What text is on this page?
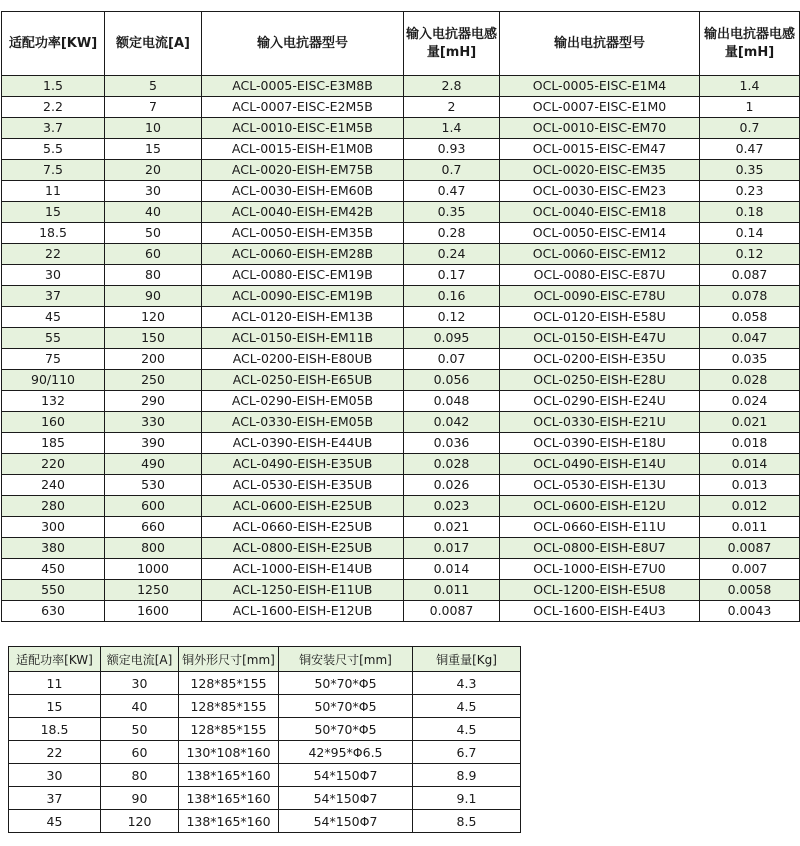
适配功率[KW]	额定电流[A]	输入电抗器型号	输入电抗器电感量[mH]	输出电抗器型号	输出电抗器电感量[mH]
1.5	5	ACL-0005-EISC-E3M8B	2.8	OCL-0005-EISC-E1M4	1.4
2.2	7	ACL-0007-EISC-E2M5B	2	OCL-0007-EISC-E1M0	1
3.7	10	ACL-0010-EISC-E1M5B	1.4	OCL-0010-EISC-EM70	0.7
5.5	15	ACL-0015-EISH-E1M0B	0.93	OCL-0015-EISC-EM47	0.47
7.5	20	ACL-0020-EISH-EM75B	0.7	OCL-0020-EISC-EM35	0.35
11	30	ACL-0030-EISH-EM60B	0.47	OCL-0030-EISC-EM23	0.23
15	40	ACL-0040-EISH-EM42B	0.35	OCL-0040-EISC-EM18	0.18
18.5	50	ACL-0050-EISH-EM35B	0.28	OCL-0050-EISC-EM14	0.14
22	60	ACL-0060-EISH-EM28B	0.24	OCL-0060-EISC-EM12	0.12
30	80	ACL-0080-EISC-EM19B	0.17	OCL-0080-EISC-E87U	0.087
37	90	ACL-0090-EISC-EM19B	0.16	OCL-0090-EISC-E78U	0.078
45	120	ACL-0120-EISH-EM13B	0.12	OCL-0120-EISH-E58U	0.058
55	150	ACL-0150-EISH-EM11B	0.095	OCL-0150-EISH-E47U	0.047
75	200	ACL-0200-EISH-E80UB	0.07	OCL-0200-EISH-E35U	0.035
90/110	250	ACL-0250-EISH-E65UB	0.056	OCL-0250-EISH-E28U	0.028
132	290	ACL-0290-EISH-EM05B	0.048	OCL-0290-EISH-E24U	0.024
160	330	ACL-0330-EISH-EM05B	0.042	OCL-0330-EISH-E21U	0.021
185	390	ACL-0390-EISH-E44UB	0.036	OCL-0390-EISH-E18U	0.018
220	490	ACL-0490-EISH-E35UB	0.028	OCL-0490-EISH-E14U	0.014
240	530	ACL-0530-EISH-E35UB	0.026	OCL-0530-EISH-E13U	0.013
280	600	ACL-0600-EISH-E25UB	0.023	OCL-0600-EISH-E12U	0.012
300	660	ACL-0660-EISH-E25UB	0.021	OCL-0660-EISH-E11U	0.011
380	800	ACL-0800-EISH-E25UB	0.017	OCL-0800-EISH-E8U7	0.0087
450	1000	ACL-1000-EISH-E14UB	0.014	OCL-1000-EISH-E7U0	0.007
550	1250	ACL-1250-EISH-E11UB	0.011	OCL-1200-EISH-E5U8	0.0058
630	1600	ACL-1600-EISH-E12UB	0.0087	OCL-1600-EISH-E4U3	0.0043
适配功率[KW]	额定电流[A]	铜外形尺寸[mm]	铜安装尺寸[mm]	铜重量[Kg]
11	30	128*85*155	50*70*Φ5	4.3
15	40	128*85*155	50*70*Φ5	4.5
18.5	50	128*85*155	50*70*Φ5	4.5
22	60	130*108*160	42*95*Φ6.5	6.7
30	80	138*165*160	54*150Φ7	8.9
37	90	138*165*160	54*150Φ7	9.1
45	120	138*165*160	54*150Φ7	8.5
